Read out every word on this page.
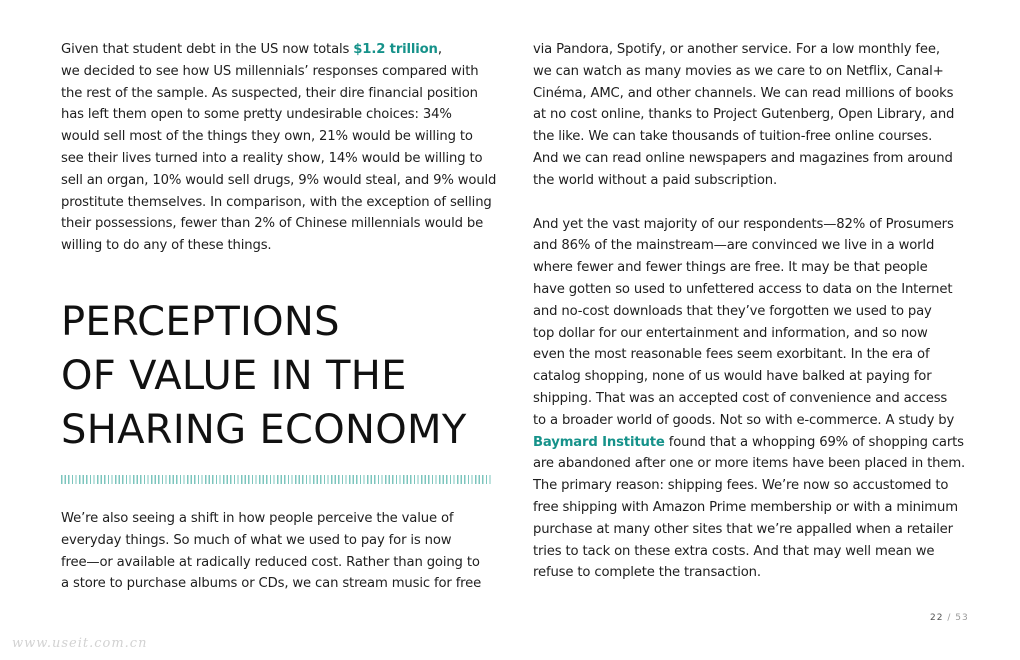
Given that student debt in the US now totals $1.2 trillion,
we decided to see how US millennials’ responses compared with
the rest of the sample. As suspected, their dire financial position
has left them open to some pretty undesirable choices: 34%
would sell most of the things they own, 21% would be willing to
see their lives turned into a reality show, 14% would be willing to
sell an organ, 10% would sell drugs, 9% would steal, and 9% would
prostitute themselves. In comparison, with the exception of selling
their possessions, fewer than 2% of Chinese millennials would be
willing to do any of these things.

PERCEPTIONS
OF VALUE IN THE
SHARING ECONOMY

We’re also seeing a shift in how people perceive the value of
everyday things. So much of what we used to pay for is now
free—or available at radically reduced cost. Rather than going to
a store to purchase albums or CDs, we can stream music for free

via Pandora, Spotify, or another service. For a low monthly fee,
we can watch as many movies as we care to on Netflix, Canal+
Cinéma, AMC, and other channels. We can read millions of books
at no cost online, thanks to Project Gutenberg, Open Library, and
the like. We can take thousands of tuition-free online courses.
And we can read online newspapers and magazines from around
the world without a paid subscription.

And yet the vast majority of our respondents—82% of Prosumers
and 86% of the mainstream—are convinced we live in a world
where fewer and fewer things are free. It may be that people
have gotten so used to unfettered access to data on the Internet
and no-cost downloads that they’ve forgotten we used to pay
top dollar for our entertainment and information, and so now
even the most reasonable fees seem exorbitant. In the era of
catalog shopping, none of us would have balked at paying for
shipping. That was an accepted cost of convenience and access
to a broader world of goods. Not so with e-commerce. A study by
Baymard Institute found that a whopping 69% of shopping carts
are abandoned after one or more items have been placed in them.
The primary reason: shipping fees. We’re now so accustomed to
free shipping with Amazon Prime membership or with a minimum
purchase at many other sites that we’re appalled when a retailer
tries to tack on these extra costs. And that may well mean we
refuse to complete the transaction.

22 / 53
www.useit.com.cn
